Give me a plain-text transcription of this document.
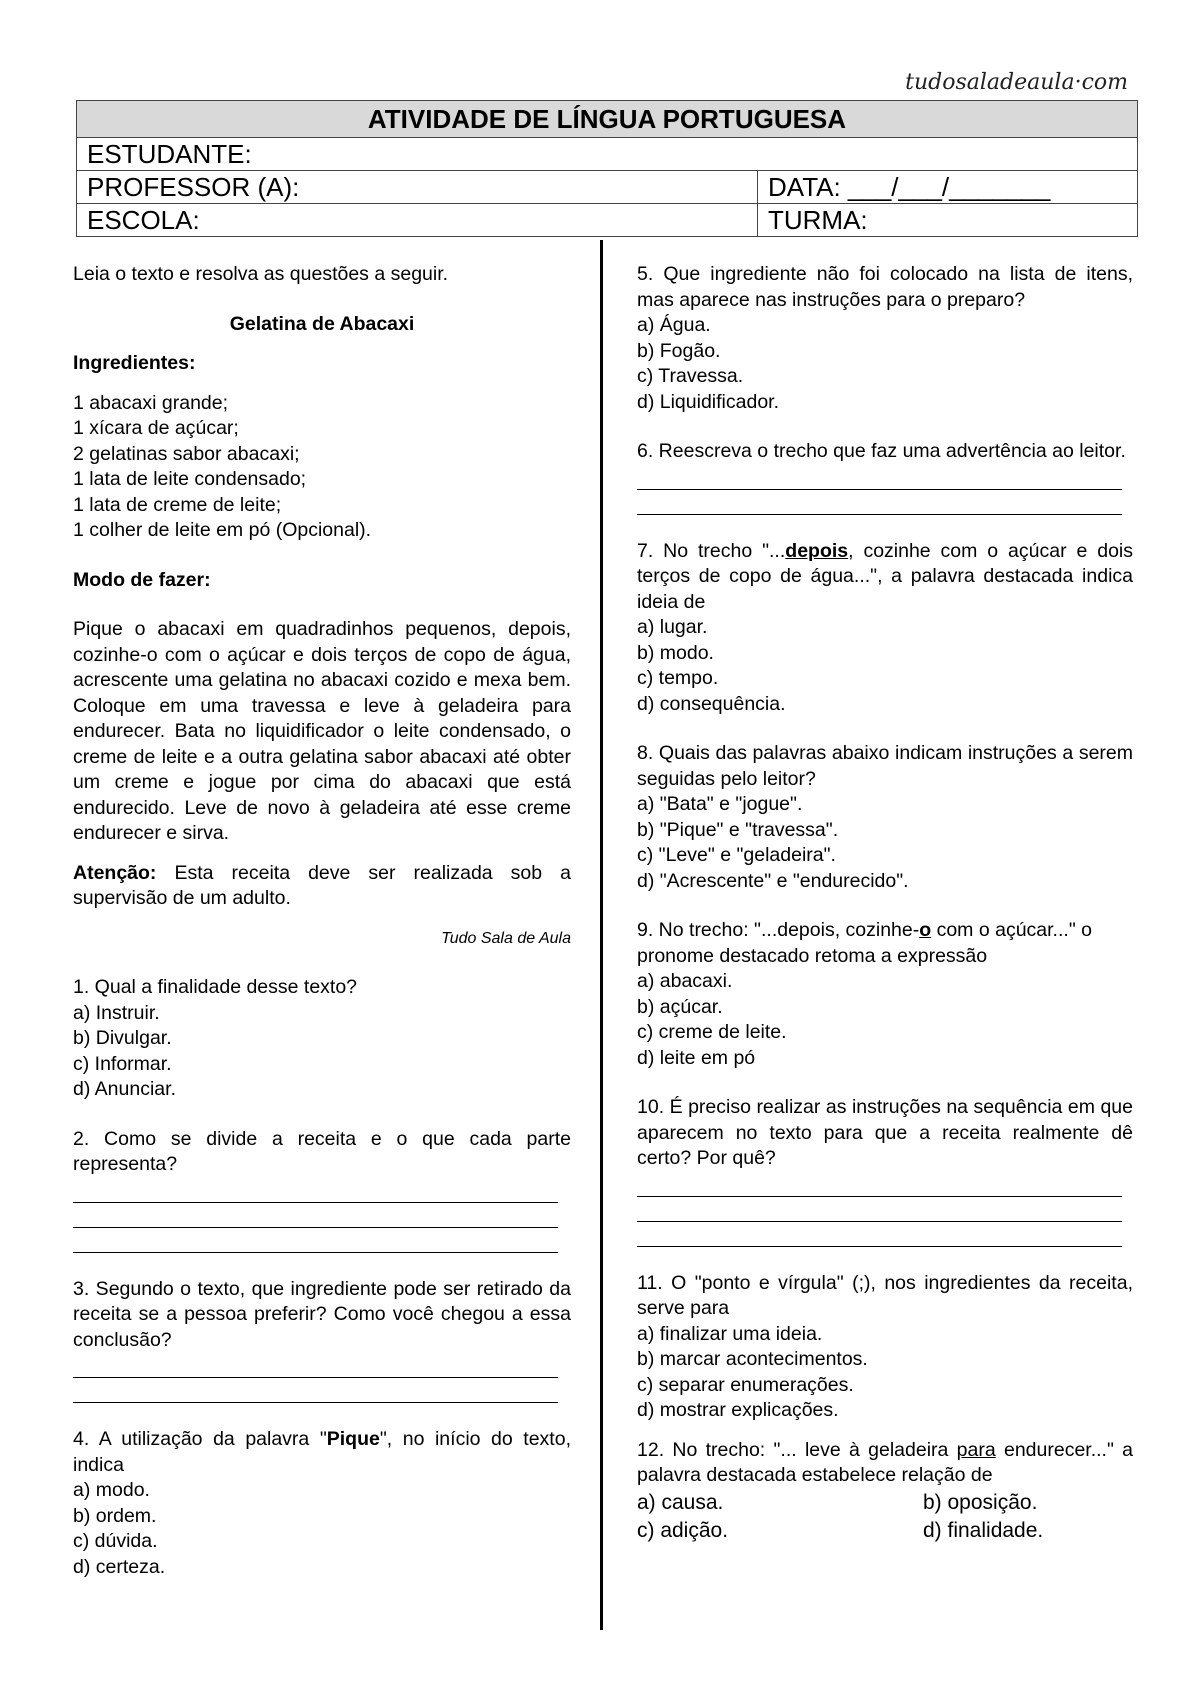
tudosaladeaula·com
ATIVIDADE DE LÍNGUA PORTUGUESA	
ESTUDANTE:	
PROFESSOR (A):	DATA: ___/___/_______
ESCOLA:	TURMA:

Leia o texto e resolva as questões a seguir.

Gelatina de Abacaxi

Ingredientes:

1 abacaxi grande;

1 xícara de açúcar;

2 gelatinas sabor abacaxi;

1 lata de leite condensado;

1 lata de creme de leite;

1 colher de leite em pó (Opcional).

Modo de fazer:

Pique o abacaxi em quadradinhos pequenos, depois, cozinhe-o com o açúcar e dois terços de copo de água, acrescente uma gelatina no abacaxi cozido e mexa bem. Coloque em uma travessa e leve à geladeira para endurecer. Bata no liquidificador o leite condensado, o creme de leite e a outra gelatina sabor abacaxi até obter um creme e jogue por cima do abacaxi que está endurecido. Leve de novo à geladeira até esse creme endurecer e sirva.

Atenção: Esta receita deve ser realizada sob a supervisão de um adulto.

Tudo Sala de Aula

1. Qual a finalidade desse texto?

a) Instruir.
b) Divulgar.
c) Informar.
d) Anunciar.

2. Como se divide a receita e o que cada parte representa?

3. Segundo o texto, que ingrediente pode ser retirado da receita se a pessoa preferir? Como você chegou a essa conclusão?

4. A utilização da palavra "Pique", no início do texto, indica

a) modo.
b) ordem.
c) dúvida.
d) certeza.

5. Que ingrediente não foi colocado na lista de itens, mas aparece nas instruções para o preparo?

a) Água.
b) Fogão.
c) Travessa.
d) Liquidificador.

6. Reescreva o trecho que faz uma advertência ao leitor.

7. No trecho "...depois, cozinhe com o açúcar e dois terços de copo de água...", a palavra destacada indica ideia de

a) lugar.
b) modo.
c) tempo.
d) consequência.

8. Quais das palavras abaixo indicam instruções a serem seguidas pelo leitor?

a) "Bata" e "jogue".
b) "Pique" e "travessa".
c) "Leve" e "geladeira".
d) "Acrescente" e "endurecido".

9. No trecho: "...depois, cozinhe-o com o açúcar..." o pronome destacado retoma a expressão

a) abacaxi.
b) açúcar.
c) creme de leite.
d) leite em pó

10. É preciso realizar as instruções na sequência em que aparecem no texto para que a receita realmente dê certo? Por quê?

11. O "ponto e vírgula" (;), nos ingredientes da receita, serve para

a) finalizar uma ideia.
b) marcar acontecimentos.
c) separar enumerações.
d) mostrar explicações.

12. No trecho: "... leve à geladeira para endurecer..." a palavra destacada estabelece relação de

a) causa.	b) oposição.
c) adição.	d) finalidade.
